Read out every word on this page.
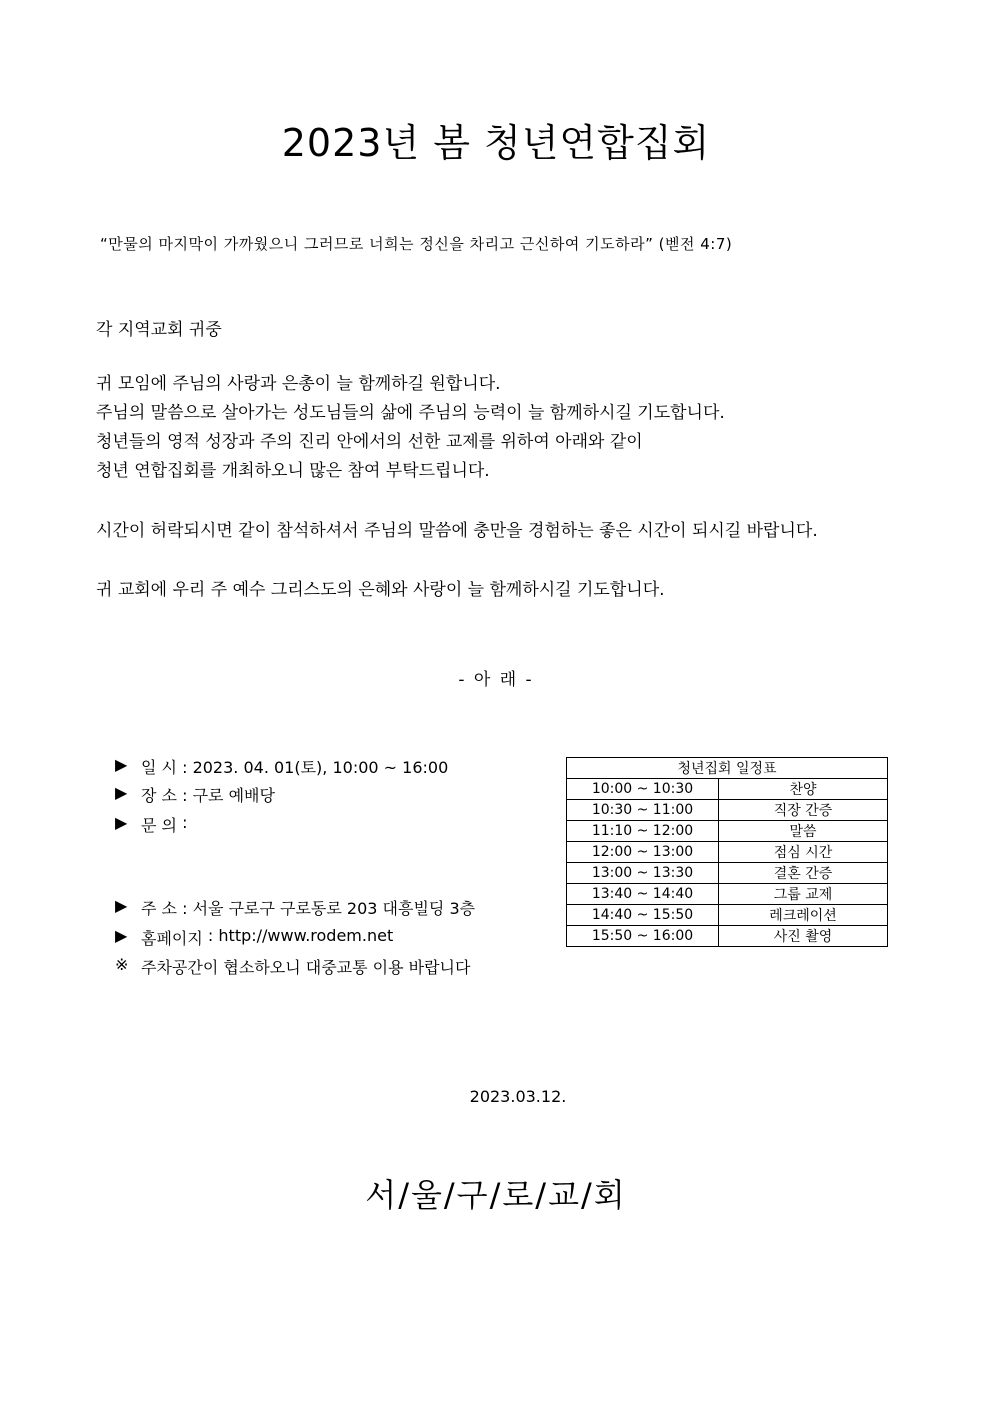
2023년 봄 청년연합집회
“만물의 마지막이 가까웠으니 그러므로 너희는 정신을 차리고 근신하여 기도하라” (벧전 4:7)
각 지역교회 귀중
귀 모임에 주님의 사랑과 은총이 늘 함께하길 원합니다.
주님의 말씀으로 살아가는 성도님들의 삶에 주님의 능력이 늘 함께하시길 기도합니다.
청년들의 영적 성장과 주의 진리 안에서의 선한 교제를 위하여 아래와 같이
청년 연합집회를 개최하오니 많은 참여 부탁드립니다.
시간이 허락되시면 같이 참석하셔서 주님의 말씀에 충만을 경험하는 좋은 시간이 되시길 바랍니다.
귀 교회에 우리 주 예수 그리스도의 은혜와 사랑이 늘 함께하시길 기도합니다.
- 아 래 -
▶ 일 시
: 2023. 04. 01(토), 10:00 ~ 16:00
▶ 장 소
: 구로 예배당
▶ 문 의
:
▶ 주 소
: 서울 구로구 구로동로 203 대흥빌딩 3층
▶ 홈페이지
: http://www.rodem.net
※ 주차공간이 협소하오니 대중교통 이용 바랍니다
청년집회 일정표	
10:00 ~ 10:30	찬양
10:30 ~ 11:00	직장 간증
11:10 ~ 12:00	말씀
12:00 ~ 13:00	점심 시간
13:00 ~ 13:30	결혼 간증
13:40 ~ 14:40	그룹 교제
14:40 ~ 15:50	레크레이션
15:50 ~ 16:00	사진 촬영
2023.03.12.
서/울/구/로/교/회
